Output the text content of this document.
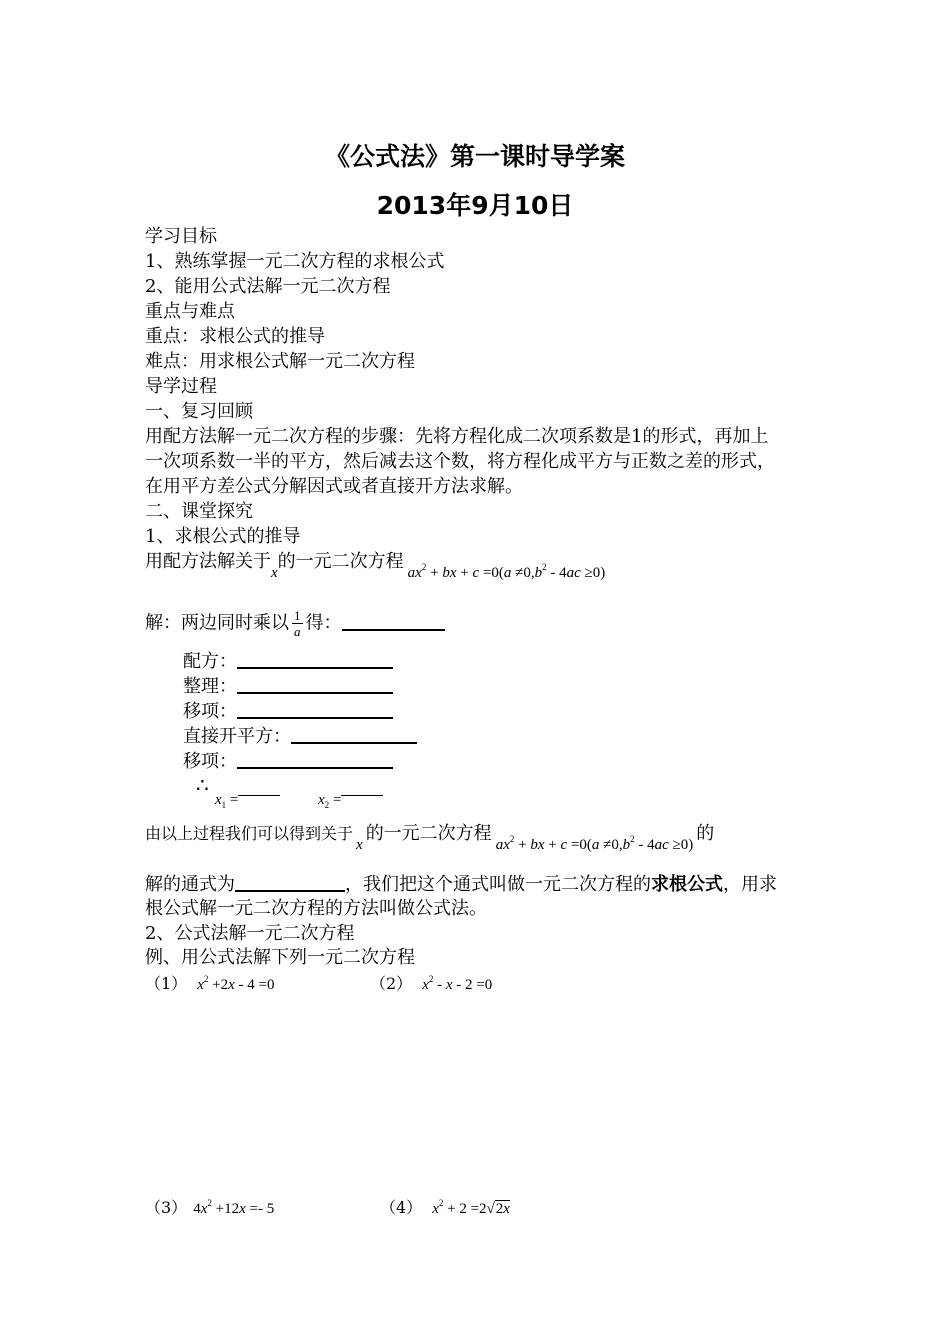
《公式法》第一课时导学案
2013年9月10日
学习目标
1、熟练掌握一元二次方程的求根公式
2、能用公式法解一元二次方程
重点与难点
重点：求根公式的推导
难点：用求根公式解一元二次方程
导学过程
一、复习回顾
用配方法解一元二次方程的步骤：先将方程化成二次项系数是1的形式，再加上
一次项系数一半的平方，然后减去这个数，将方程化成平方与正数之差的形式，
在用平方差公式分解因式或者直接开方法求解。
二、课堂探究
1、求根公式的推导
用配方法解关于$_x$的一元二次方程$_{ax^2 + bx + c =0(a \ne 0,b^2 - 4ac \ge 0)}$
解：两边同时乘以 $\frac{1}{a}$ 得：
配方：
整理：
移项：
直接开平方：
移项：
∴
$x_1$ =	$x_2$ =
由以上过程我们可以得到关于x的一元二次方程$ax^2$ + bx + $c =0(a \ne 0,b^2 - 4ac \ge 0)$的
解的通式为	，我们把这个通式叫做一元二次方程的求根公式，用求
根公式解一元二次方程的方法叫做公式法。
2、公式法解一元二次方程
例、用公式法解下列一元二次方程
（1） $x^2 +2x - 4 =0$	（2） $x^2 - x - 2 =0$
（3） $4x^2 +12x =- 5$	（4） $x^2 + 2 =2√2x$
